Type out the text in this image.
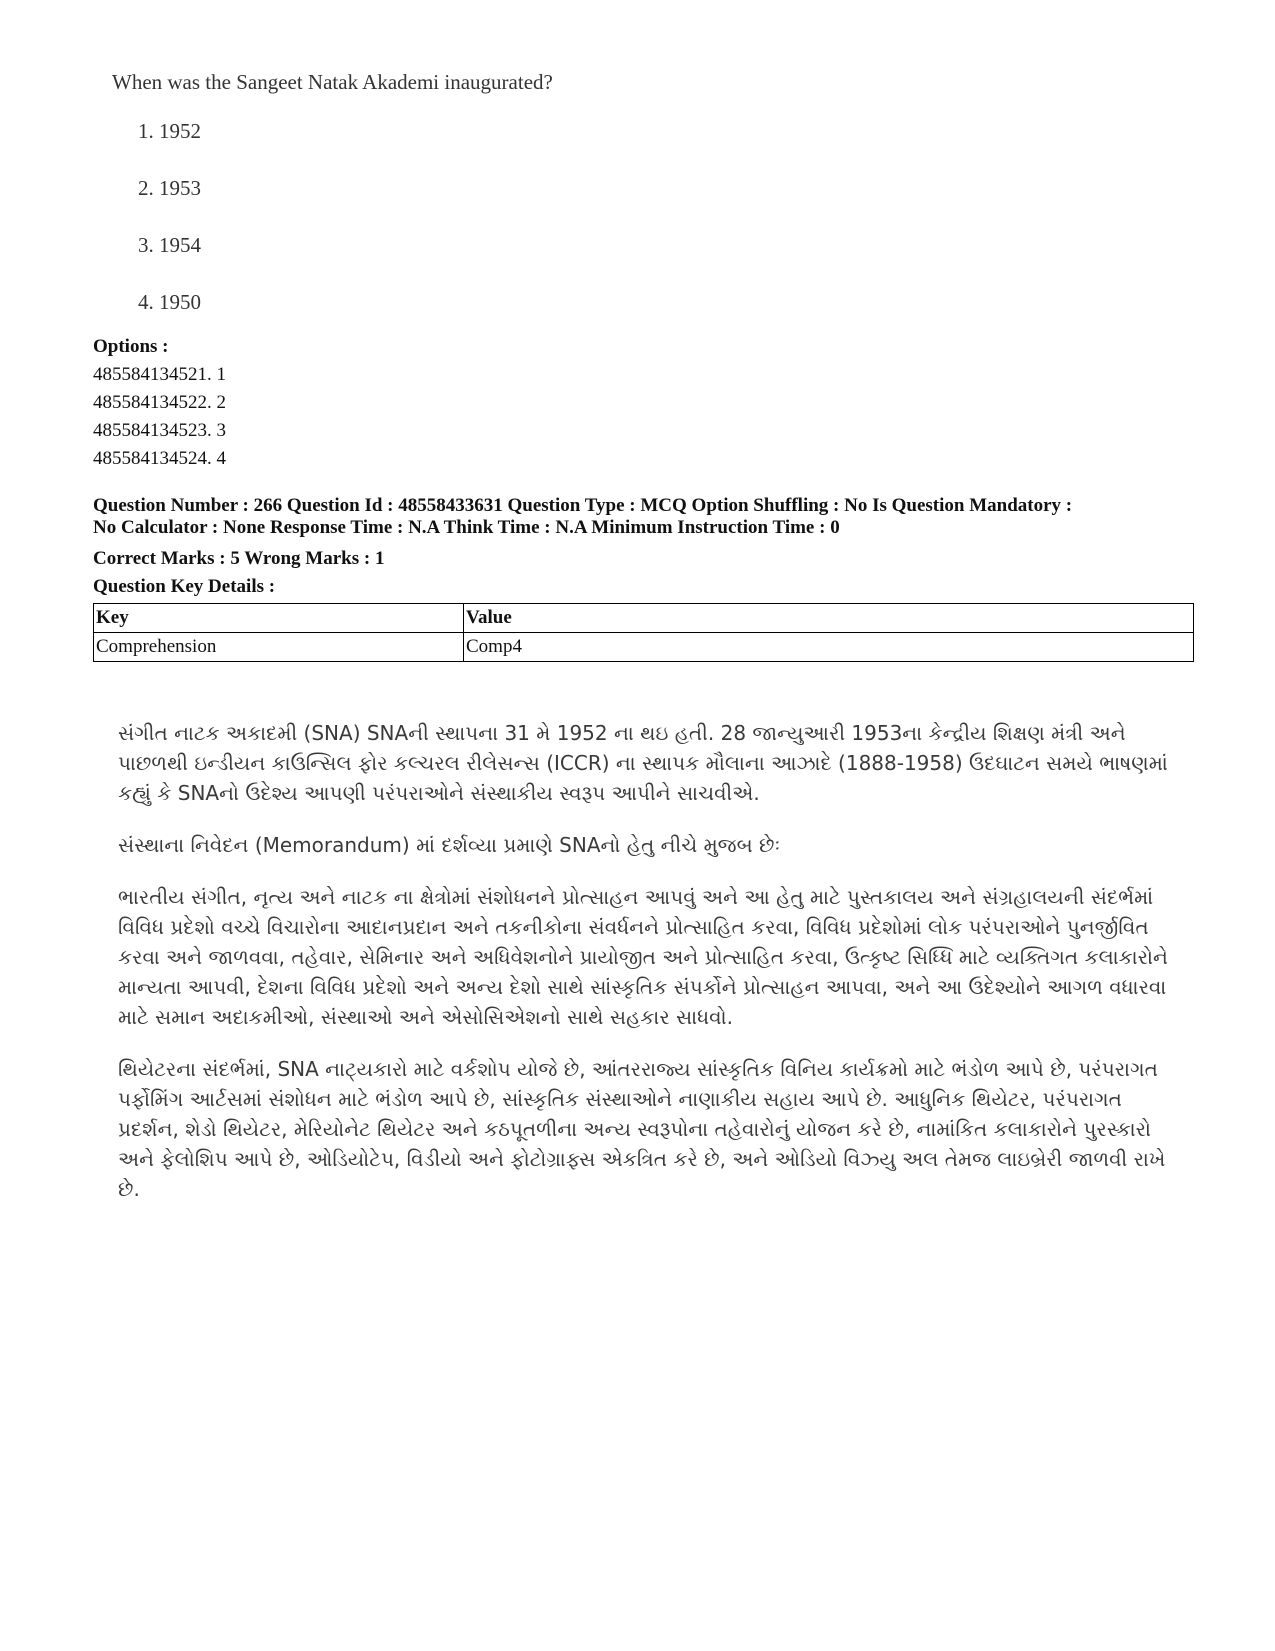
When was the Sangeet Natak Akademi inaugurated?
1. 1952
2. 1953
3. 1954
4. 1950
Options :
485584134521. 1
485584134522. 2
485584134523. 3
485584134524. 4
Question Number : 266 Question Id : 48558433631 Question Type : MCQ Option Shuffling : No Is Question Mandatory :
No Calculator : None Response Time : N.A Think Time : N.A Minimum Instruction Time : 0
Correct Marks : 5 Wrong Marks : 1
Question Key Details :
Key	Value
Comprehension	Comp4

સંગીત નાટક અકાદમી (SNA) SNAની સ્થાપના 31 મે 1952 ના થઇ હતી. 28 જાન્યુઆરી 1953ના કેન્દ્રીય શિક્ષણ મંત્રી અને પાછળથી ઇન્ડીયન કાઉન્સિલ ફોર કલ્ચરલ રીલેસન્સ (ICCR) ના સ્થાપક મૌલાના આઝાદે (1888-1958) ઉદઘાટન સમયે ભાષણમાં કહ્યું કે SNAનો ઉદેશ્ય આપણી પરંપરાઓને સંસ્થાકીય સ્વરૂપ આપીને સાચવીએ.

સંસ્થાના નિવેદન (Memorandum) માં દર્શવ્યા પ્રમાણે SNAનો હેતુ નીચે મુજબ છેઃ

ભારતીય સંગીત, નૃત્ય અને નાટક ના ક્ષેત્રોમાં સંશોધનને પ્રોત્સાહન આપવું અને આ હેતુ માટે પુસ્તકાલય અને સંગ્રહાલયની સંદર્ભમાં વિવિધ પ્રદેશો વચ્ચે વિચારોના આદાનપ્રદાન અને તકનીકોના સંવર્ધનને પ્રોત્સાહિત કરવા, વિવિધ પ્રદેશોમાં લોક પરંપરાઓને પુનર્જીવિત કરવા અને જાળવવા, તહેવાર, સેમિનાર અને અધિવેશનોને પ્રાયોજીત અને પ્રોત્સાહિત કરવા, ઉત્કૃષ્ટ સિધ્ધિ માટે વ્યક્તિગત કલાકારોને માન્યતા આપવી, દેશના વિવિધ પ્રદેશો અને અન્ય દેશો સાથે સાંસ્કૃતિક સંપર્કોને પ્રોત્સાહન આપવા, અને આ ઉદેશ્યોને આગળ વધારવા માટે સમાન અદાકમીઓ, સંસ્થાઓ અને એસોસિએશનો સાથે સહકાર સાધવો.

થિયેટરના સંદર્ભમાં, SNA નાટ્યકારો માટે વર્કશોપ યોજે છે, આંતરરાજ્ય સાંસ્કૃતિક વિનિય કાર્યક્રમો માટે ભંડોળ આપે છે, પરંપરાગત પર્ફોમિંગ આર્ટસમાં સંશોધન માટે ભંડોળ આપે છે, સાંસ્કૃતિક સંસ્થાઓને નાણાકીય સહાય આપે છે. આધુનિક થિયેટર, પરંપરાગત પ્રદર્શન, શેડો થિયેટર, મેરિયોનેટ થિયેટર અને કઠપૂતળીના અન્ય સ્વરૂપોના તહેવારોનું યોજન કરે છે, નામાંકિત કલાકારોને પુરસ્કારો અને ફેલોશિપ આપે છે, ઓડિયોટેપ, વિડીયો અને ફોટોગ્રાફ્સ એકત્રિત કરે છે, અને ઓડિયો વિઝ્યુ અલ તેમજ લાઇબ્રેરી જાળવી રાખે છે.
